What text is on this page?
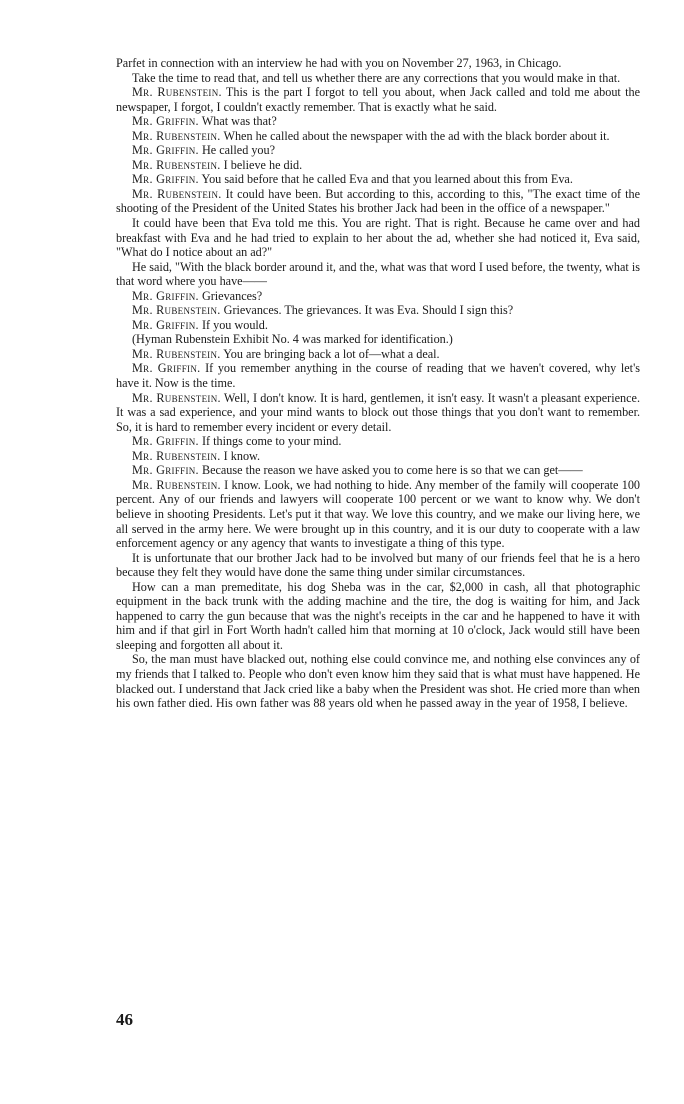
Parfet in connection with an interview he had with you on November 27, 1963, in Chicago.

Take the time to read that, and tell us whether there are any corrections that you would make in that.

Mr. Rubenstein. This is the part I forgot to tell you about, when Jack called and told me about the newspaper, I forgot, I couldn't exactly remember. That is exactly what he said.

Mr. Griffin. What was that?

Mr. Rubenstein. When he called about the newspaper with the ad with the black border about it.

Mr. Griffin. He called you?

Mr. Rubenstein. I believe he did.

Mr. Griffin. You said before that he called Eva and that you learned about this from Eva.

Mr. Rubenstein. It could have been. But according to this, according to this, "The exact time of the shooting of the President of the United States his brother Jack had been in the office of a newspaper."

It could have been that Eva told me this. You are right. That is right. Because he came over and had breakfast with Eva and he had tried to explain to her about the ad, whether she had noticed it, Eva said, "What do I notice about an ad?"

He said, "With the black border around it, and the, what was that word I used before, the twenty, what is that word where you have——

Mr. Griffin. Grievances?

Mr. Rubenstein. Grievances. The grievances. It was Eva. Should I sign this?

Mr. Griffin. If you would.

(Hyman Rubenstein Exhibit No. 4 was marked for identification.)

Mr. Rubenstein. You are bringing back a lot of—what a deal.

Mr. Griffin. If you remember anything in the course of reading that we haven't covered, why let's have it. Now is the time.

Mr. Rubenstein. Well, I don't know. It is hard, gentlemen, it isn't easy. It wasn't a pleasant experience. It was a sad experience, and your mind wants to block out those things that you don't want to remember. So, it is hard to remember every incident or every detail.

Mr. Griffin. If things come to your mind.

Mr. Rubenstein. I know.

Mr. Griffin. Because the reason we have asked you to come here is so that we can get——

Mr. Rubenstein. I know. Look, we had nothing to hide. Any member of the family will cooperate 100 percent. Any of our friends and lawyers will cooperate 100 percent or we want to know why. We don't believe in shooting Presidents. Let's put it that way. We love this country, and we make our living here, we all served in the army here. We were brought up in this country, and it is our duty to cooperate with a law enforcement agency or any agency that wants to investigate a thing of this type.

It is unfortunate that our brother Jack had to be involved but many of our friends feel that he is a hero because they felt they would have done the same thing under similar circumstances.

How can a man premeditate, his dog Sheba was in the car, $2,000 in cash, all that photographic equipment in the back trunk with the adding machine and the tire, the dog is waiting for him, and Jack happened to carry the gun because that was the night's receipts in the car and he happened to have it with him and if that girl in Fort Worth hadn't called him that morning at 10 o'clock, Jack would still have been sleeping and forgotten all about it.

So, the man must have blacked out, nothing else could convince me, and nothing else convinces any of my friends that I talked to. People who don't even know him they said that is what must have happened. He blacked out. I understand that Jack cried like a baby when the President was shot. He cried more than when his own father died. His own father was 88 years old when he passed away in the year of 1958, I believe.

46
